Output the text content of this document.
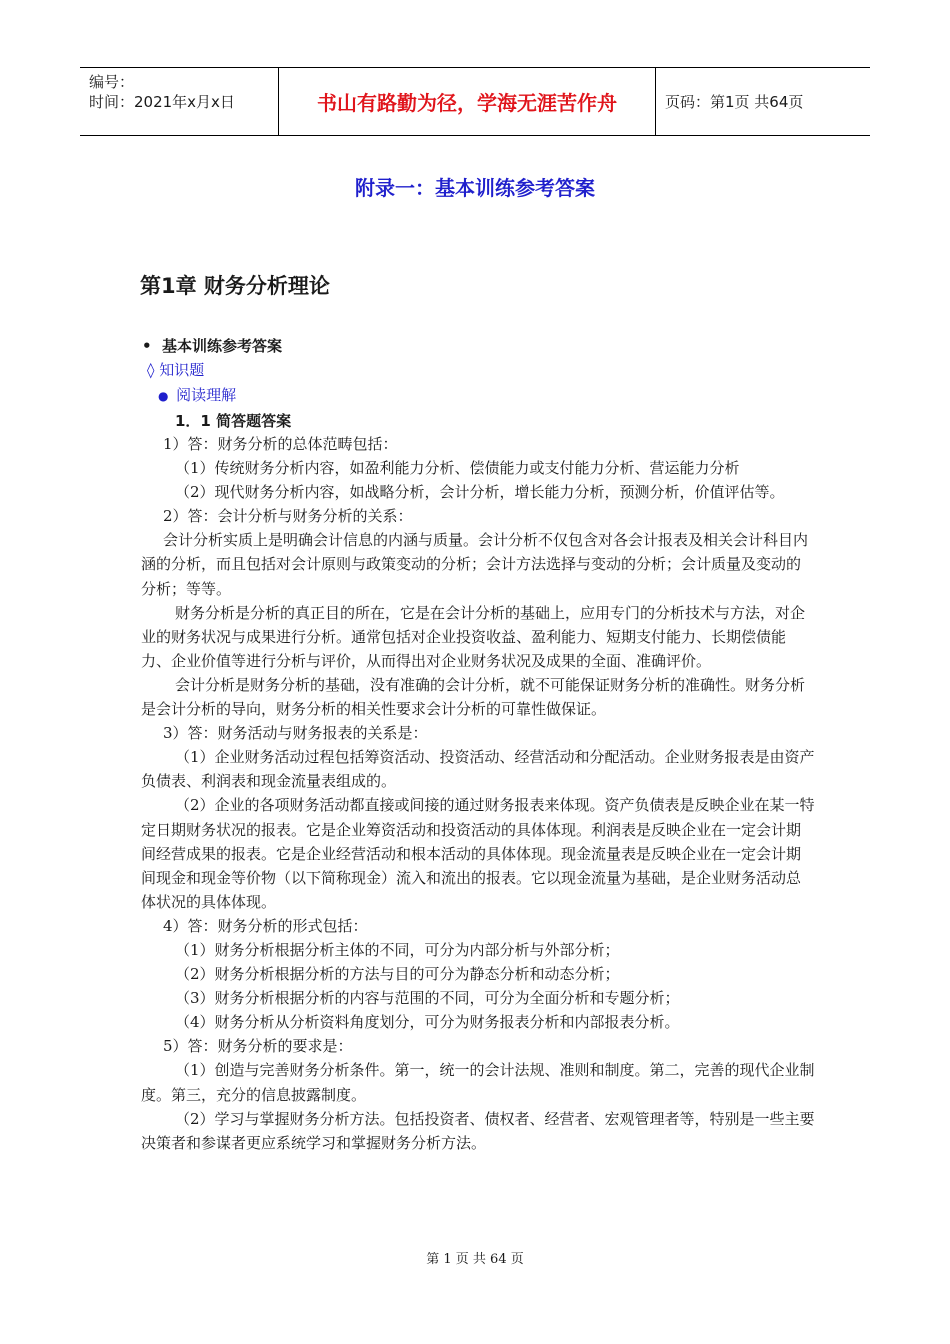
编号：
时间：2021年x月x日	书山有路勤为径，学海无涯苦作舟	页码：第1页 共64页
附录一：基本训练参考答案
第1章 财务分析理论
•  基本训练参考答案
◊ 知识题
●  阅读理解
1．1 简答题答案

1）答：财务分析的总体范畴包括：

（1）传统财务分析内容，如盈利能力分析、偿债能力或支付能力分析、营运能力分析

（2）现代财务分析内容，如战略分析，会计分析，增长能力分析，预测分析，价值评估等。

2）答：会计分析与财务分析的关系：

会计分析实质上是明确会计信息的内涵与质量。会计分析不仅包含对各会计报表及相关会计科目内涵的分析，而且包括对会计原则与政策变动的分析；会计方法选择与变动的分析；会计质量及变动的分析；等等。

财务分析是分析的真正目的所在，它是在会计分析的基础上，应用专门的分析技术与方法，对企业的财务状况与成果进行分析。通常包括对企业投资收益、盈利能力、短期支付能力、长期偿债能力、企业价值等进行分析与评价，从而得出对企业财务状况及成果的全面、准确评价。

会计分析是财务分析的基础，没有准确的会计分析，就不可能保证财务分析的准确性。财务分析是会计分析的导向，财务分析的相关性要求会计分析的可靠性做保证。

3）答：财务活动与财务报表的关系是：

（1）企业财务活动过程包括筹资活动、投资活动、经营活动和分配活动。企业财务报表是由资产负债表、利润表和现金流量表组成的。

（2）企业的各项财务活动都直接或间接的通过财务报表来体现。资产负债表是反映企业在某一特定日期财务状况的报表。它是企业筹资活动和投资活动的具体体现。利润表是反映企业在一定会计期间经营成果的报表。它是企业经营活动和根本活动的具体体现。现金流量表是反映企业在一定会计期间现金和现金等价物（以下简称现金）流入和流出的报表。它以现金流量为基础，是企业财务活动总体状况的具体体现。

4）答：财务分析的形式包括：

（1）财务分析根据分析主体的不同，可分为内部分析与外部分析；

（2）财务分析根据分析的方法与目的可分为静态分析和动态分析；

（3）财务分析根据分析的内容与范围的不同，可分为全面分析和专题分析；

（4）财务分析从分析资料角度划分，可分为财务报表分析和内部报表分析。

5）答：财务分析的要求是：

（1）创造与完善财务分析条件。第一，统一的会计法规、准则和制度。第二，完善的现代企业制度。第三，充分的信息披露制度。

（2）学习与掌握财务分析方法。包括投资者、债权者、经营者、宏观管理者等，特别是一些主要决策者和参谋者更应系统学习和掌握财务分析方法。

第 1 页 共 64 页
